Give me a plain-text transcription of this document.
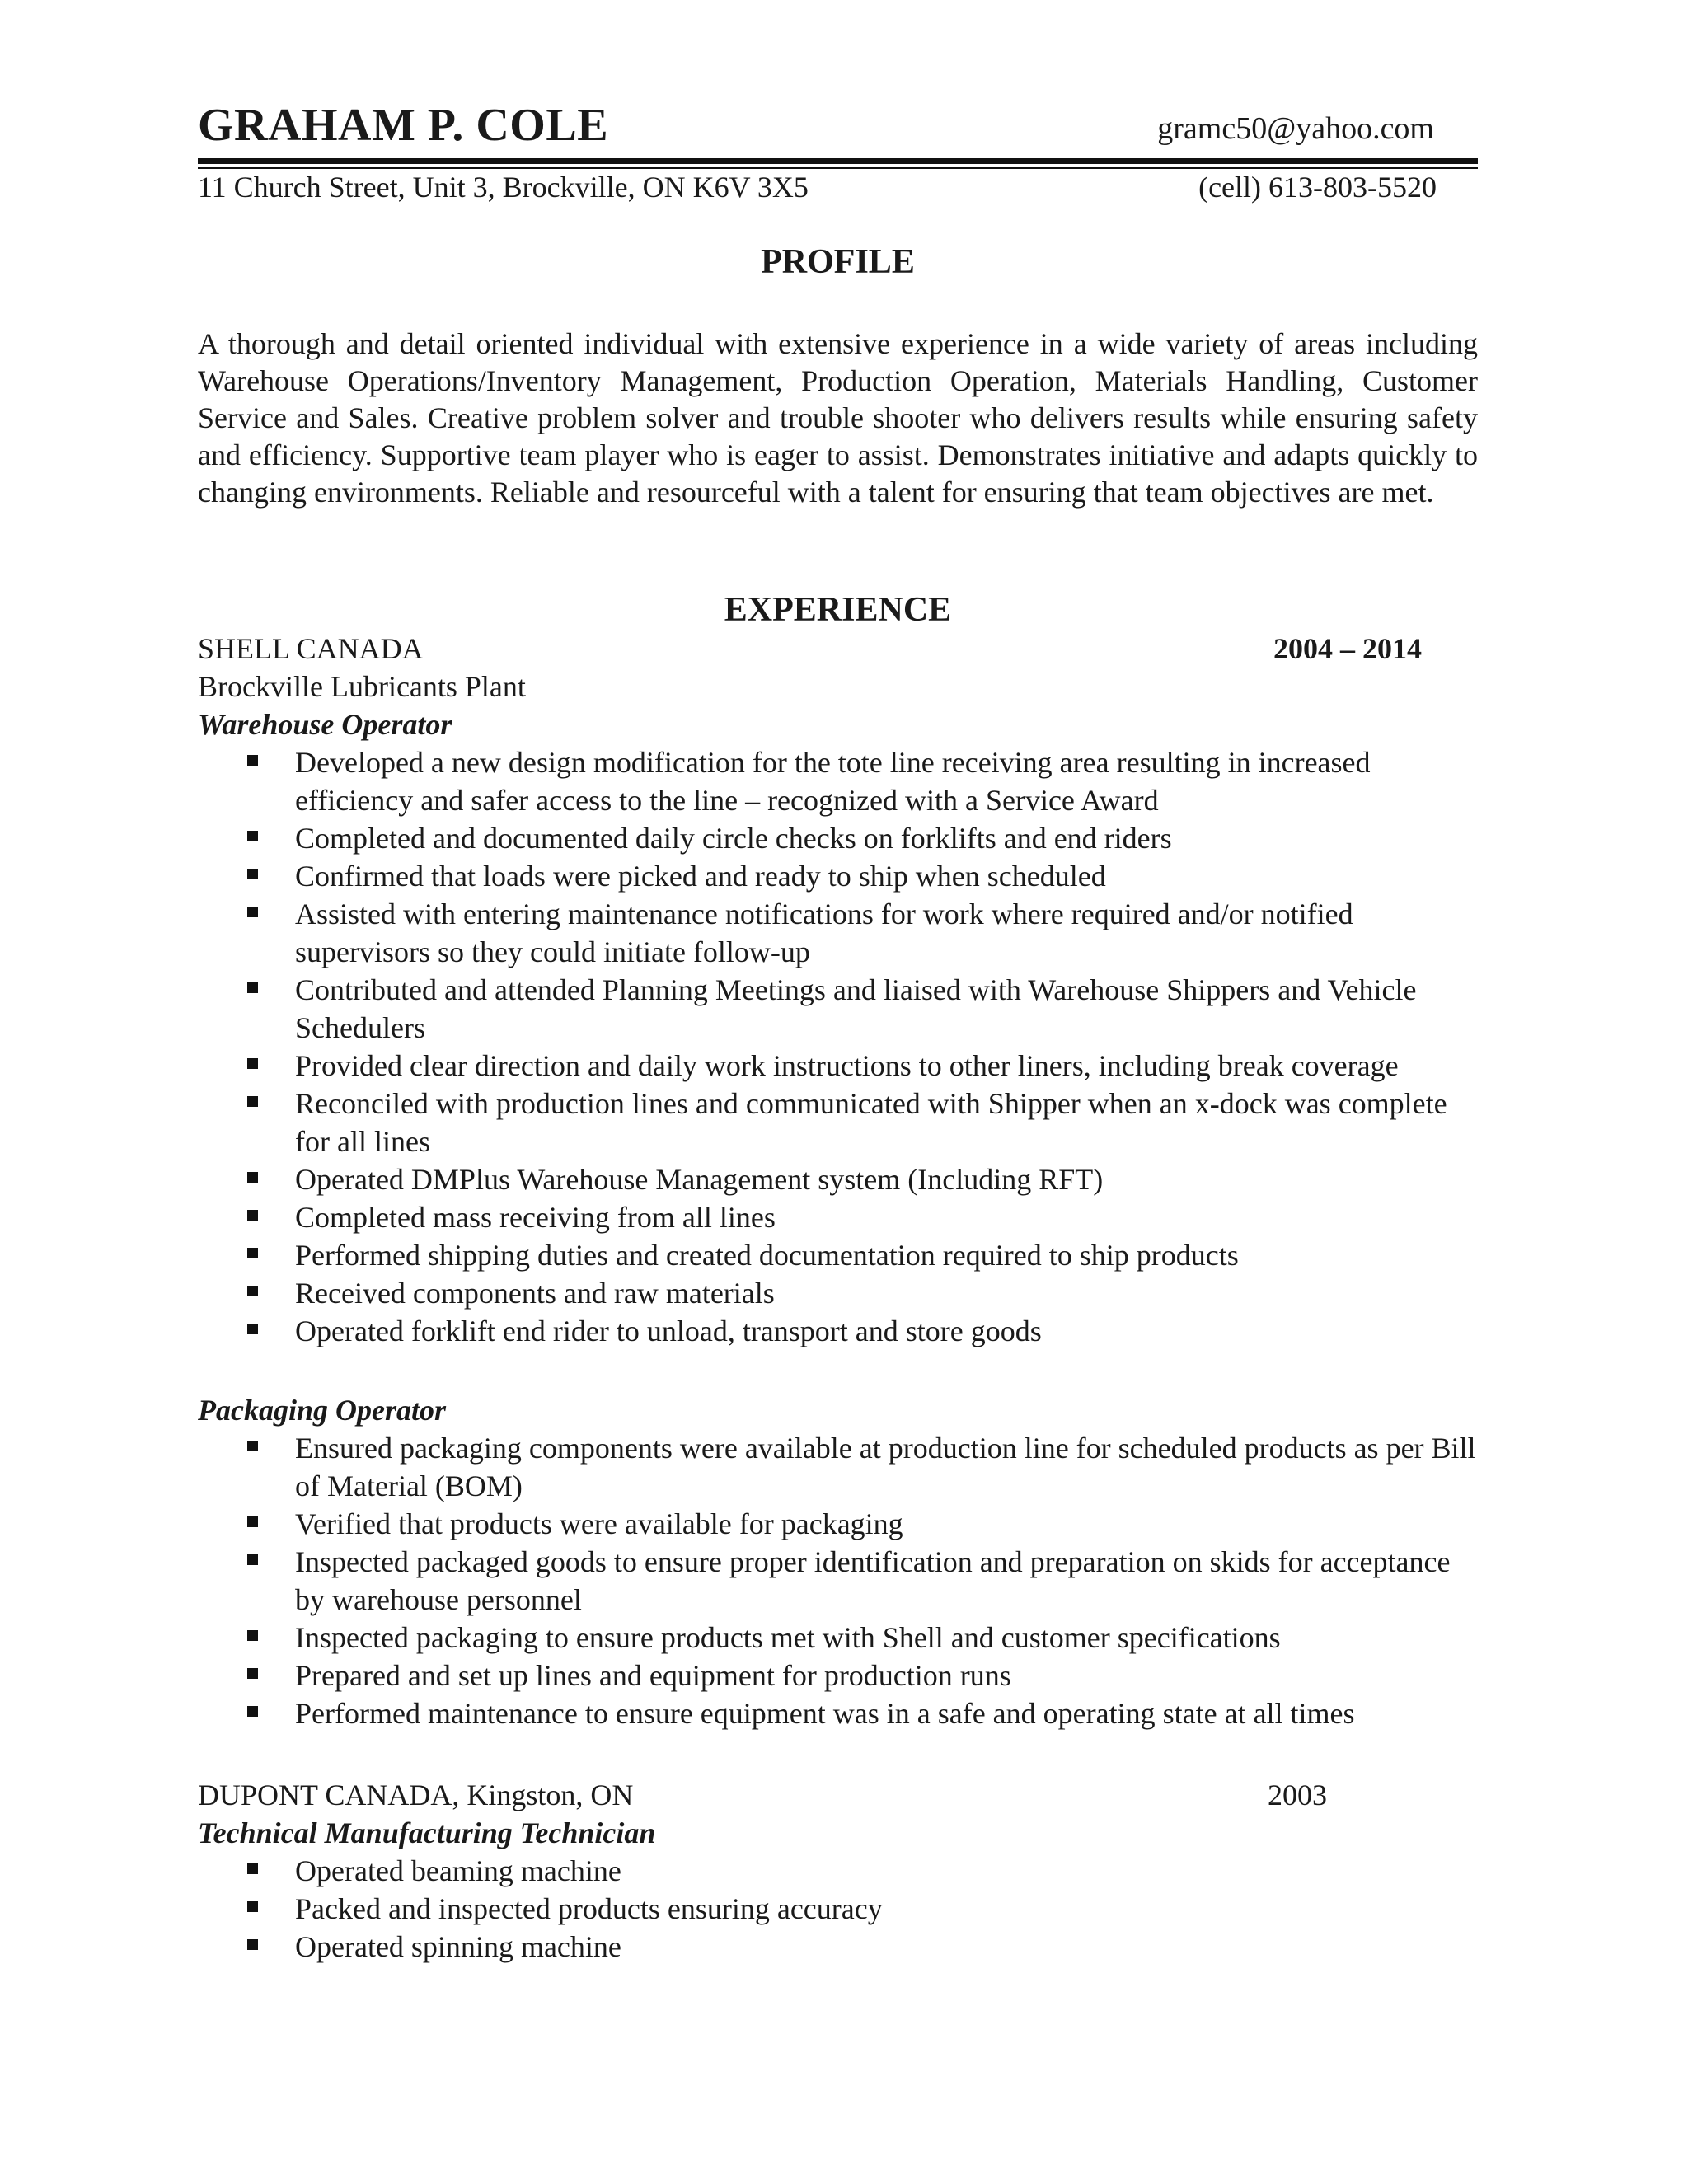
GRAHAM P. COLE	gramc50@yahoo.com
11 Church Street, Unit 3, Brockville, ON K6V 3X5	(cell) 613-803-5520
PROFILE
A thorough and detail oriented individual with extensive experience in a wide variety of areas including Warehouse Operations/Inventory Management, Production Operation, Materials Handling, Customer Service and Sales. Creative problem solver and trouble shooter who delivers results while ensuring safety and efficiency. Supportive team player who is eager to assist. Demonstrates initiative and adapts quickly to changing environments. Reliable and resourceful with a talent for ensuring that team objectives are met.
EXPERIENCE
SHELL CANADA	2004 – 2014
Brockville Lubricants Plant
Warehouse Operator
Developed a new design modification for the tote line receiving area resulting in increased efficiency and safer access to the line – recognized with a Service Award
Completed and documented daily circle checks on forklifts and end riders
Confirmed that loads were picked and ready to ship when scheduled
Assisted with entering maintenance notifications for work where required and/or notified supervisors so they could initiate follow-up
Contributed and attended Planning Meetings and liaised with Warehouse Shippers and Vehicle Schedulers
Provided clear direction and daily work instructions to other liners, including break coverage
Reconciled with production lines and communicated with Shipper when an x-dock was complete for all lines
Operated DMPlus Warehouse Management system (Including RFT)
Completed mass receiving from all lines
Performed shipping duties and created documentation required to ship products
Received components and raw materials
Operated forklift end rider to unload, transport and store goods
Packaging Operator
Ensured packaging components were available at production line for scheduled products as per Bill of Material (BOM)
Verified that products were available for packaging
Inspected packaged goods to ensure proper identification and preparation on skids for acceptance by warehouse personnel
Inspected packaging to ensure products met with Shell and customer specifications
Prepared and set up lines and equipment for production runs
Performed maintenance to ensure equipment was in a safe and operating state at all times
DUPONT CANADA, Kingston, ON	2003
Technical Manufacturing Technician
Operated beaming machine
Packed and inspected products ensuring accuracy
Operated spinning machine
